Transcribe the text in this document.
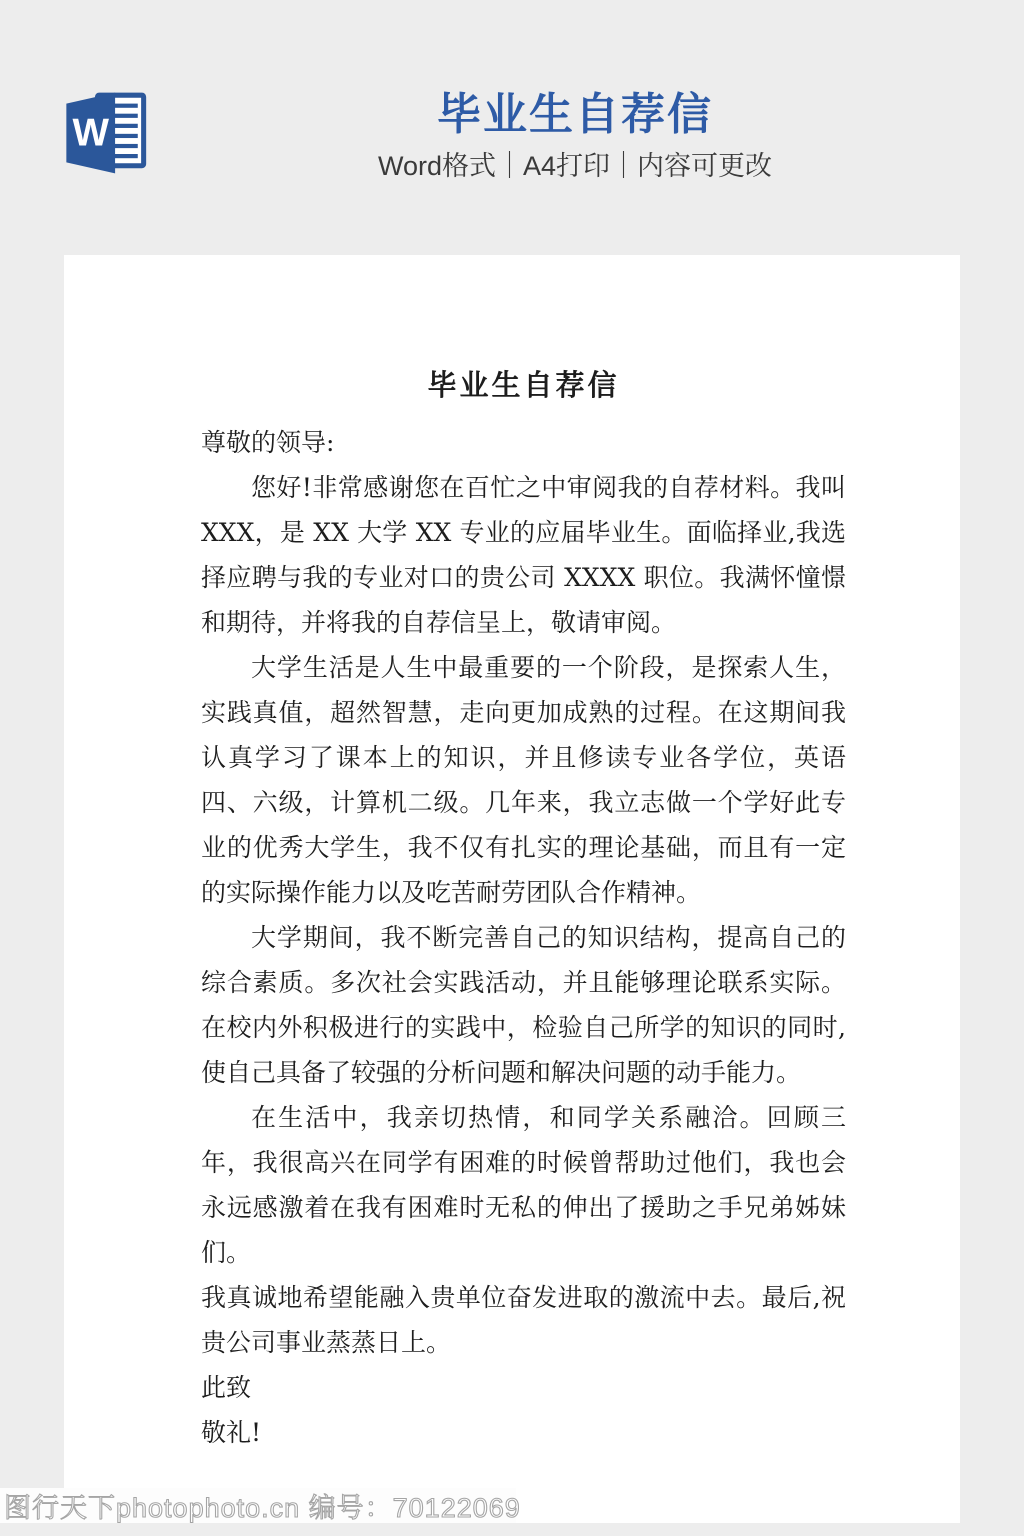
W	毕业生自荐信
Word格式｜A4打印｜内容可更改
毕业生自荐信

尊敬的领导:

您好!非常感谢您在百忙之中审阅我的自荐材料。我叫 XXX，是 XX 大学 XX 专业的应届毕业生。面临择业,我选择应聘与我的专业对口的贵公司 XXXX 职位。我满怀憧憬和期待，并将我的自荐信呈上，敬请审阅。

大学生活是人生中最重要的一个阶段，是探索人生，实践真值，超然智慧，走向更加成熟的过程。在这期间我认真学习了课本上的知识，并且修读专业各学位，英语四、六级，计算机二级。几年来，我立志做一个学好此专业的优秀大学生，我不仅有扎实的理论基础，而且有一定的实际操作能力以及吃苦耐劳团队合作精神。

大学期间，我不断完善自己的知识结构，提高自己的综合素质。多次社会实践活动，并且能够理论联系实际。在校内外积极进行的实践中，检验自己所学的知识的同时,使自己具备了较强的分析问题和解决问题的动手能力。

在生活中，我亲切热情，和同学关系融洽。回顾三年，我很高兴在同学有困难的时候曾帮助过他们，我也会永远感激着在我有困难时无私的伸出了援助之手兄弟姊妹们。

我真诚地希望能融入贵单位奋发进取的激流中去。最后,祝贵公司事业蒸蒸日上。

此致

敬礼!

图行天下photophoto.cn 编号：70122069
